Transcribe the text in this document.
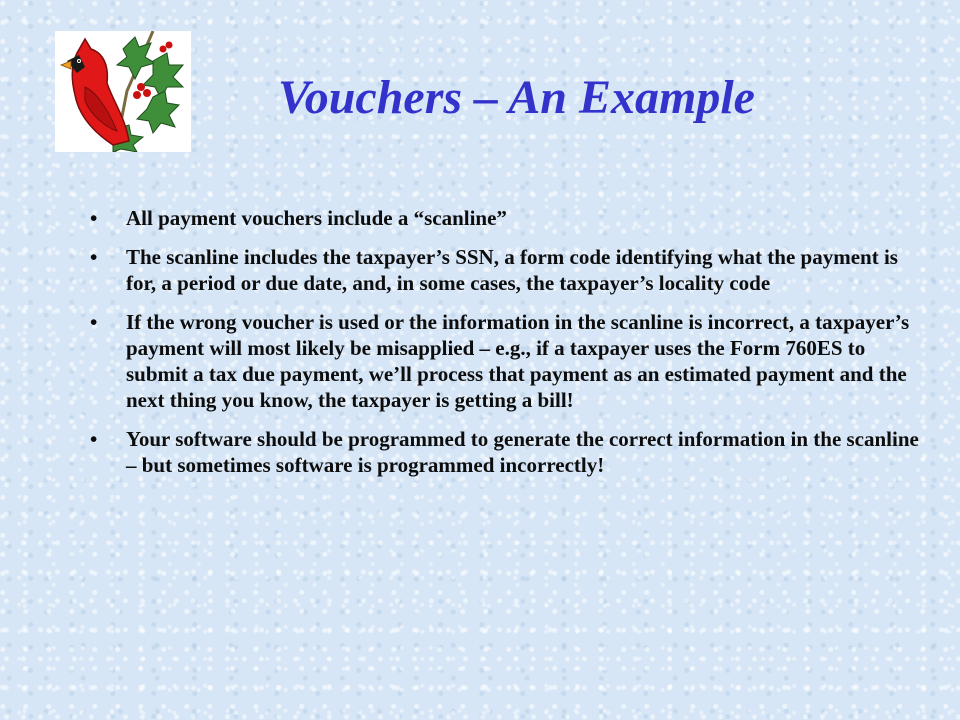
Vouchers – An Example
•	All payment vouchers include a “scanline”
•	The scanline includes the taxpayer’s SSN, a form code identifying what the payment is for, a period or due date, and, in some cases, the taxpayer’s locality code
•	If the wrong voucher is used or the information in the scanline is incorrect, a taxpayer’s payment will most likely be misapplied – e.g., if a taxpayer uses the Form 760ES to submit a tax due payment, we’ll process that payment as an estimated payment and the next thing you know, the taxpayer is getting a bill!
•	Your software should be programmed to generate the correct information in the scanline – but sometimes software is programmed incorrectly!
